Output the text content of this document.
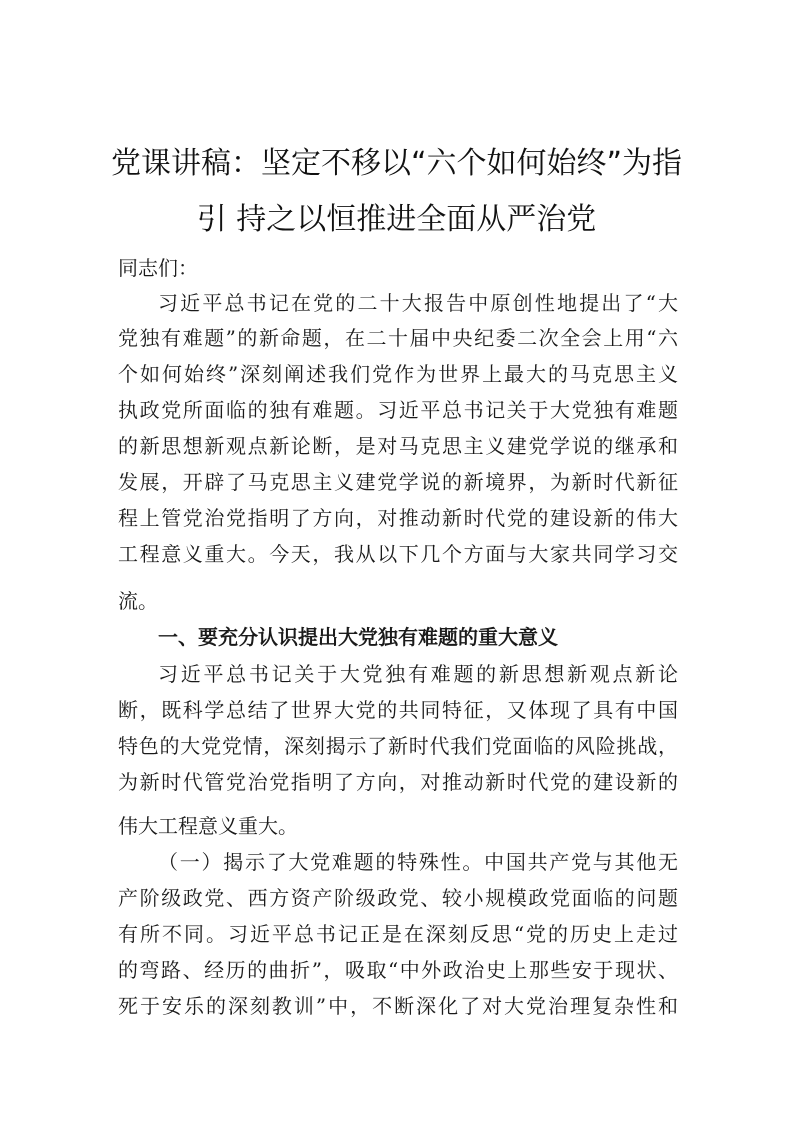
党课讲稿：坚定不移以“六个如何始终”为指
引 持之以恒推进全面从严治党
同志们：
习近平总书记在党的二十大报告中原创性地提出了“大
党独有难题”的新命题，在二十届中央纪委二次全会上用“六
个如何始终”深刻阐述我们党作为世界上最大的马克思主义
执政党所面临的独有难题。习近平总书记关于大党独有难题
的新思想新观点新论断，是对马克思主义建党学说的继承和
发展，开辟了马克思主义建党学说的新境界，为新时代新征
程上管党治党指明了方向，对推动新时代党的建设新的伟大
工程意义重大。今天，我从以下几个方面与大家共同学习交
流。
一、要充分认识提出大党独有难题的重大意义
习近平总书记关于大党独有难题的新思想新观点新论
断，既科学总结了世界大党的共同特征，又体现了具有中国
特色的大党党情，深刻揭示了新时代我们党面临的风险挑战，
为新时代管党治党指明了方向，对推动新时代党的建设新的
伟大工程意义重大。
（一）揭示了大党难题的特殊性。中国共产党与其他无
产阶级政党、西方资产阶级政党、较小规模政党面临的问题
有所不同。习近平总书记正是在深刻反思“党的历史上走过
的弯路、经历的曲折”，吸取“中外政治史上那些安于现状、
死于安乐的深刻教训”中，不断深化了对大党治理复杂性和
